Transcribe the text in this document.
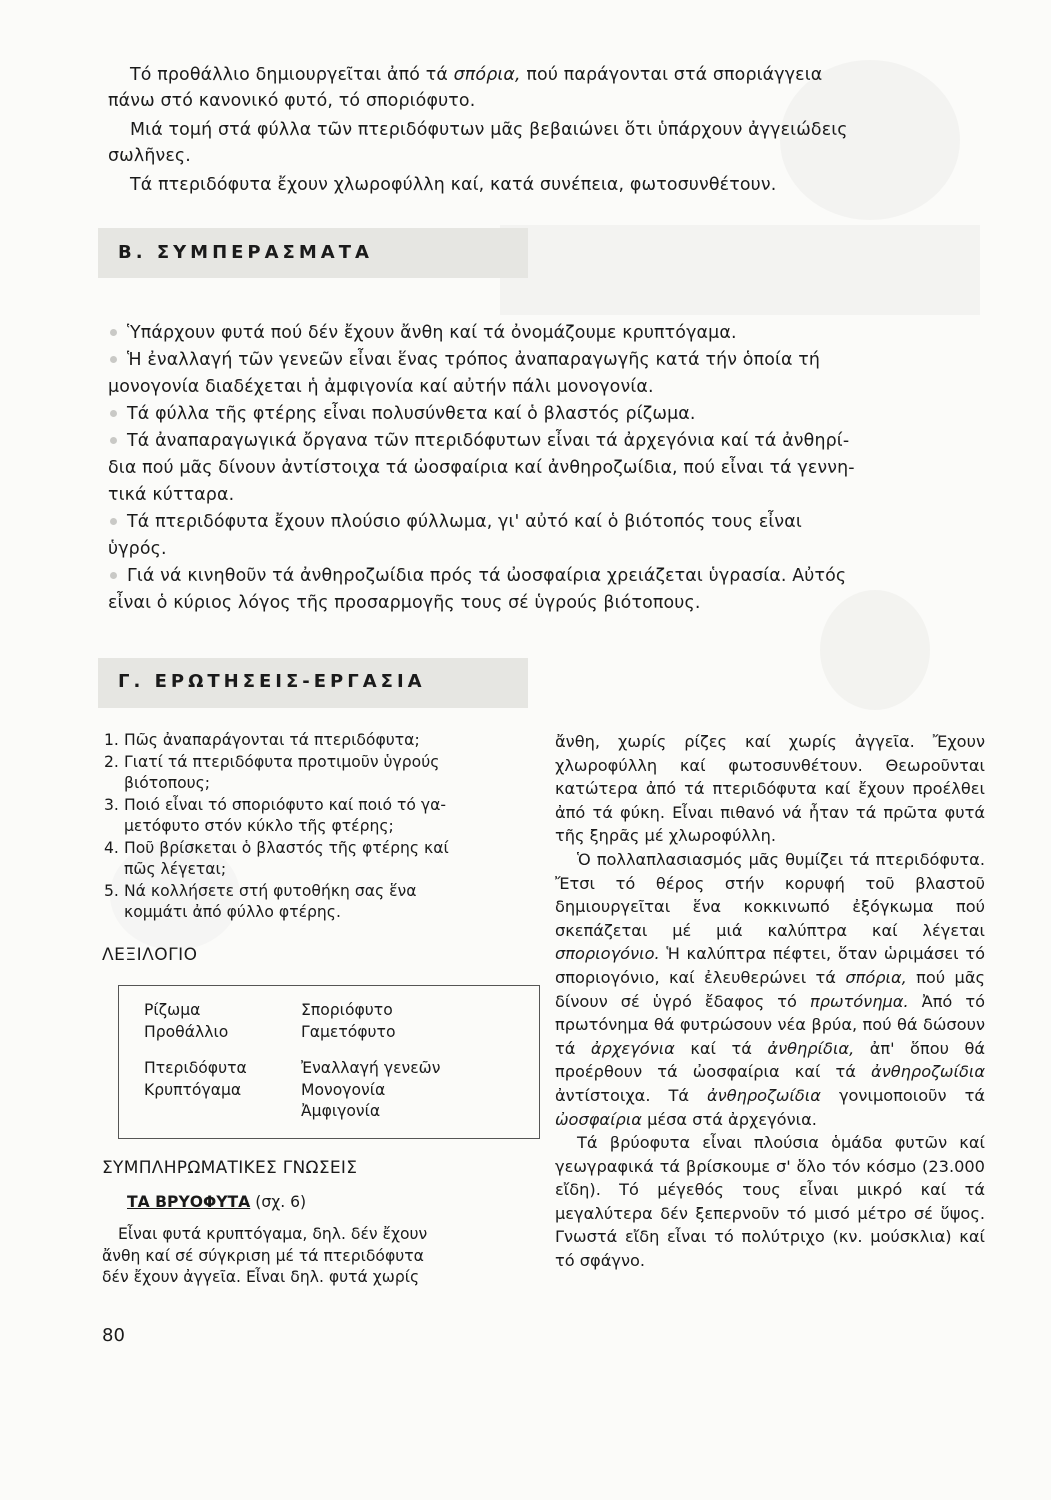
Τό προθάλλιο δημιουργεῖται ἀπό τά σπόρια, πού παράγονται στά σποριάγγεια
πάνω στό κανονικό φυτό, τό σποριόφυτο.
Μιά τομή στά φύλλα τῶν πτεριδόφυτων μᾶς βεβαιώνει ὅτι ὑπάρχουν ἀγγειώδεις
σωλῆνες.
Τά πτεριδόφυτα ἔχουν χλωροφύλλη καί, κατά συνέπεια, φωτοσυνθέτουν.
Β. ΣΥΜΠΕΡΑΣΜΑΤΑ
Ὑπάρχουν φυτά πού δέν ἔχουν ἄνθη καί τά ὀνομάζουμε κρυπτόγαμα.
Ἡ ἐναλλαγή τῶν γενεῶν εἶναι ἕνας τρόπος ἀναπαραγωγῆς κατά τήν ὁποία τή
μονογονία διαδέχεται ἡ ἀμφιγονία καί αὐτήν πάλι μονογονία.
Τά φύλλα τῆς φτέρης εἶναι πολυσύνθετα καί ὁ βλαστός ρίζωμα.
Τά ἀναπαραγωγικά ὄργανα τῶν πτεριδόφυτων εἶναι τά ἀρχεγόνια καί τά ἀνθηρί-
δια πού μᾶς δίνουν ἀντίστοιχα τά ὠοσφαίρια καί ἀνθηροζωίδια, πού εἶναι τά γεννη-
τικά κύτταρα.
Τά πτεριδόφυτα ἔχουν πλούσιο φύλλωμα, γι' αὐτό καί ὁ βιότοπός τους εἶναι
ὑγρός.
Γιά νά κινηθοῦν τά ἀνθηροζωίδια πρός τά ὠοσφαίρια χρειάζεται ὑγρασία. Αὐτός
εἶναι ὁ κύριος λόγος τῆς προσαρμογῆς τους σέ ὑγρούς βιότοπους.
Γ. ΕΡΩΤΗΣΕΙΣ-ΕΡΓΑΣΙΑ
1. Πῶς ἀναπαράγονται τά πτεριδόφυτα;
2. Γιατί τά πτεριδόφυτα προτιμοῦν ὑγρούς
βιότοπους;
3. Ποιό εἶναι τό σποριόφυτο καί ποιό τό γα-
μετόφυτο στόν κύκλο τῆς φτέρης;
4. Ποῦ βρίσκεται ὁ βλαστός τῆς φτέρης καί
πῶς λέγεται;
5. Νά κολλήσετε στή φυτοθήκη σας ἕνα
κομμάτι ἀπό φύλλο φτέρης.
ΛΕΞΙΛΟΓΙΟ
Ρίζωμα
Προθάλλιο
Πτεριδόφυτα
Κρυπτόγαμα
Σποριόφυτο
Γαμετόφυτο
Ἐναλλαγή γενεῶν
Μονογονία
Ἀμφιγονία
ΣΥΜΠΛΗΡΩΜΑΤΙΚΕΣ ΓΝΩΣΕΙΣ
ΤΑ ΒΡΥΟΦΥΤΑ (σχ. 6)
Εἶναι φυτά κρυπτόγαμα, δηλ. δέν ἔχουν
ἄνθη καί σέ σύγκριση μέ τά πτεριδόφυτα
δέν ἔχουν ἀγγεῖα. Εἶναι δηλ. φυτά χωρίς
ἄνθη, χωρίς ρίζες καί χωρίς ἀγγεῖα. Ἔχουν χλωροφύλλη καί φωτοσυνθέτουν. Θεωροῦνται κατώτερα ἀπό τά πτεριδόφυτα καί ἔχουν προέλθει ἀπό τά φύκη. Εἶναι πιθανό νά ἦταν τά πρῶτα φυτά τῆς ξηρᾶς μέ χλωροφύλλη.
Ὁ πολλαπλασιασμός μᾶς θυμίζει τά πτεριδόφυτα. Ἔτσι τό θέρος στήν κορυφή τοῦ βλαστοῦ δημιουργεῖται ἕνα κοκκινωπό ἐξόγκωμα πού σκεπάζεται μέ μιά καλύπτρα καί λέγεται σποριογόνιο. Ἡ καλύπτρα πέφτει, ὅταν ὡριμάσει τό σποριογόνιο, καί ἐλευθερώνει τά σπόρια, πού μᾶς δίνουν σέ ὑγρό ἔδαφος τό πρωτόνημα. Ἀπό τό πρωτόνημα θά φυτρώσουν νέα βρύα, πού θά δώσουν τά ἀρχεγόνια καί τά ἀνθηρίδια, ἀπ' ὅπου θά προέρθουν τά ὠοσφαίρια καί τά ἀνθηροζωίδια ἀντίστοιχα. Τά ἀνθηροζωίδια γονιμοποιοῦν τά ὠοσφαίρια μέσα στά ἀρχεγόνια.
Τά βρύοφυτα εἶναι πλούσια ὁμάδα φυτῶν καί γεωγραφικά τά βρίσκουμε σ' ὅλο τόν κόσμο (23.000 εἴδη). Τό μέγεθός τους εἶναι μικρό καί τά μεγαλύτερα δέν ξεπερνοῦν τό μισό μέτρο σέ ὕψος. Γνωστά εἴδη εἶναι τό πολύτριχο (κν. μούσκλια) καί τό σφάγνο.
80
